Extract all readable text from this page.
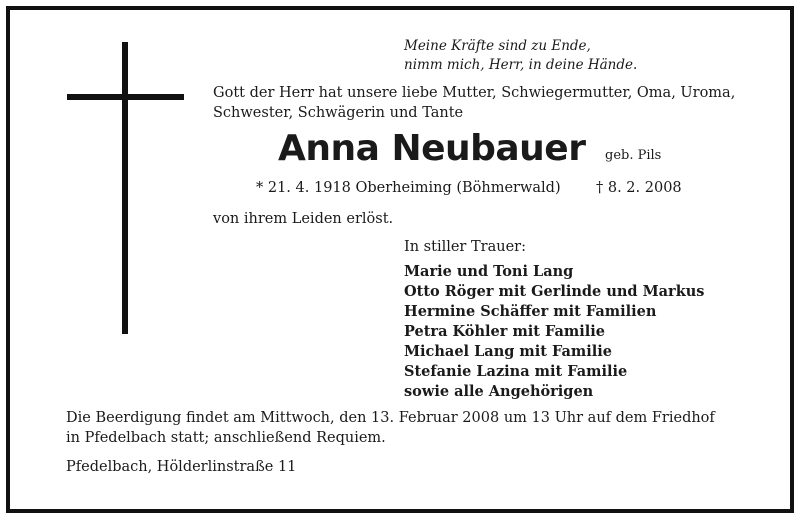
Meine Kräfte sind zu Ende,
nimm mich, Herr, in deine Hände.
Gott der Herr hat unsere liebe Mutter, Schwiegermutter, Oma, Uroma,
Schwester, Schwägerin und Tante
Anna Neubauer geb. Pils
* 21. 4. 1918 Oberheiming (Böhmerwald) † 8. 2. 2008
von ihrem Leiden erlöst.
In stiller Trauer:
Marie und Toni Lang
Otto Röger mit Gerlinde und Markus
Hermine Schäffer mit Familien
Petra Köhler mit Familie
Michael Lang mit Familie
Stefanie Lazina mit Familie
sowie alle Angehörigen
Die Beerdigung findet am Mittwoch, den 13. Februar 2008 um 13 Uhr auf dem Friedhof
in Pfedelbach statt; anschließend Requiem.
Pfedelbach, Hölderlinstraße 11
